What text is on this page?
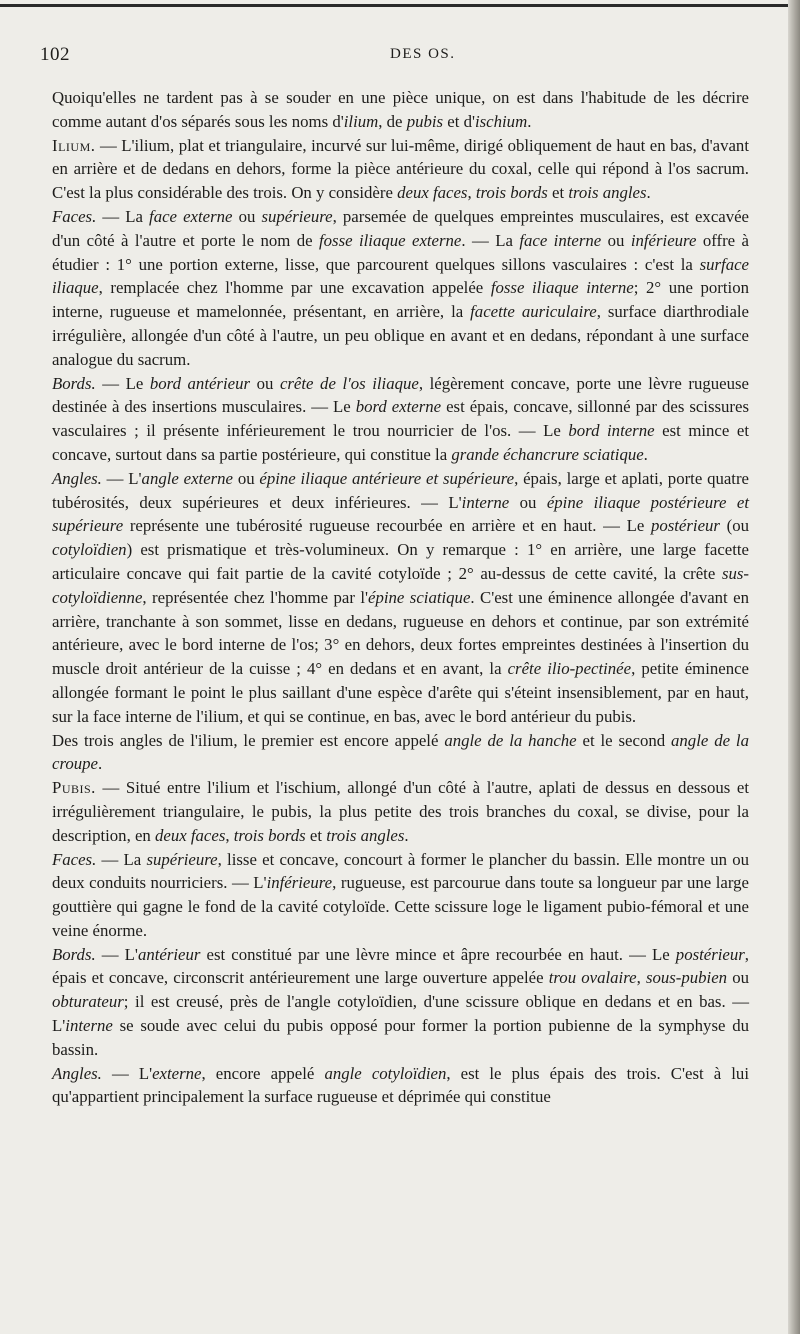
102	DES OS.

Quoiqu'elles ne tardent pas à se souder en une pièce unique, on est dans l'habitude de les décrire comme autant d'os séparés sous les noms d'ilium, de pubis et d'ischium.

Ilium. — L'ilium, plat et triangulaire, incurvé sur lui-même, dirigé obliquement de haut en bas, d'avant en arrière et de dedans en dehors, forme la pièce antérieure du coxal, celle qui répond à l'os sacrum. C'est la plus considérable des trois. On y considère deux faces, trois bords et trois angles.

Faces. — La face externe ou supérieure, parsemée de quelques empreintes musculaires, est excavée d'un côté à l'autre et porte le nom de fosse iliaque externe. — La face interne ou inférieure offre à étudier : 1° une portion externe, lisse, que parcourent quelques sillons vasculaires : c'est la surface iliaque, remplacée chez l'homme par une excavation appelée fosse iliaque interne; 2° une portion interne, rugueuse et mamelonnée, présentant, en arrière, la facette auriculaire, surface diarthrodiale irrégulière, allongée d'un côté à l'autre, un peu oblique en avant et en dedans, répondant à une surface analogue du sacrum.

Bords. — Le bord antérieur ou crête de l'os iliaque, légèrement concave, porte une lèvre rugueuse destinée à des insertions musculaires. — Le bord externe est épais, concave, sillonné par des scissures vasculaires ; il présente inférieurement le trou nourricier de l'os. — Le bord interne est mince et concave, surtout dans sa partie postérieure, qui constitue la grande échancrure sciatique.

Angles. — L'angle externe ou épine iliaque antérieure et supérieure, épais, large et aplati, porte quatre tubérosités, deux supérieures et deux inférieures. — L'interne ou épine iliaque postérieure et supérieure représente une tubérosité rugueuse recourbée en arrière et en haut. — Le postérieur (ou cotyloïdien) est prismatique et très-volumineux. On y remarque : 1° en arrière, une large facette articulaire concave qui fait partie de la cavité cotyloïde ; 2° au-dessus de cette cavité, la crête sus-cotyloïdienne, représentée chez l'homme par l'épine sciatique. C'est une éminence allongée d'avant en arrière, tranchante à son sommet, lisse en dedans, rugueuse en dehors et continue, par son extrémité antérieure, avec le bord interne de l'os; 3° en dehors, deux fortes empreintes destinées à l'insertion du muscle droit antérieur de la cuisse ; 4° en dedans et en avant, la crête ilio-pectinée, petite éminence allongée formant le point le plus saillant d'une espèce d'arête qui s'éteint insensiblement, par en haut, sur la face interne de l'ilium, et qui se continue, en bas, avec le bord antérieur du pubis.

Des trois angles de l'ilium, le premier est encore appelé angle de la hanche et le second angle de la croupe.

Pubis. — Situé entre l'ilium et l'ischium, allongé d'un côté à l'autre, aplati de dessus en dessous et irrégulièrement triangulaire, le pubis, la plus petite des trois branches du coxal, se divise, pour la description, en deux faces, trois bords et trois angles.

Faces. — La supérieure, lisse et concave, concourt à former le plancher du bassin. Elle montre un ou deux conduits nourriciers. — L'inférieure, rugueuse, est parcourue dans toute sa longueur par une large gouttière qui gagne le fond de la cavité cotyloïde. Cette scissure loge le ligament pubio-fémoral et une veine énorme.

Bords. — L'antérieur est constitué par une lèvre mince et âpre recourbée en haut. — Le postérieur, épais et concave, circonscrit antérieurement une large ouverture appelée trou ovalaire, sous-pubien ou obturateur; il est creusé, près de l'angle cotyloïdien, d'une scissure oblique en dedans et en bas. — L'interne se soude avec celui du pubis opposé pour former la portion pubienne de la symphyse du bassin.

Angles. — L'externe, encore appelé angle cotyloïdien, est le plus épais des trois. C'est à lui qu'appartient principalement la surface rugueuse et déprimée qui constitue
